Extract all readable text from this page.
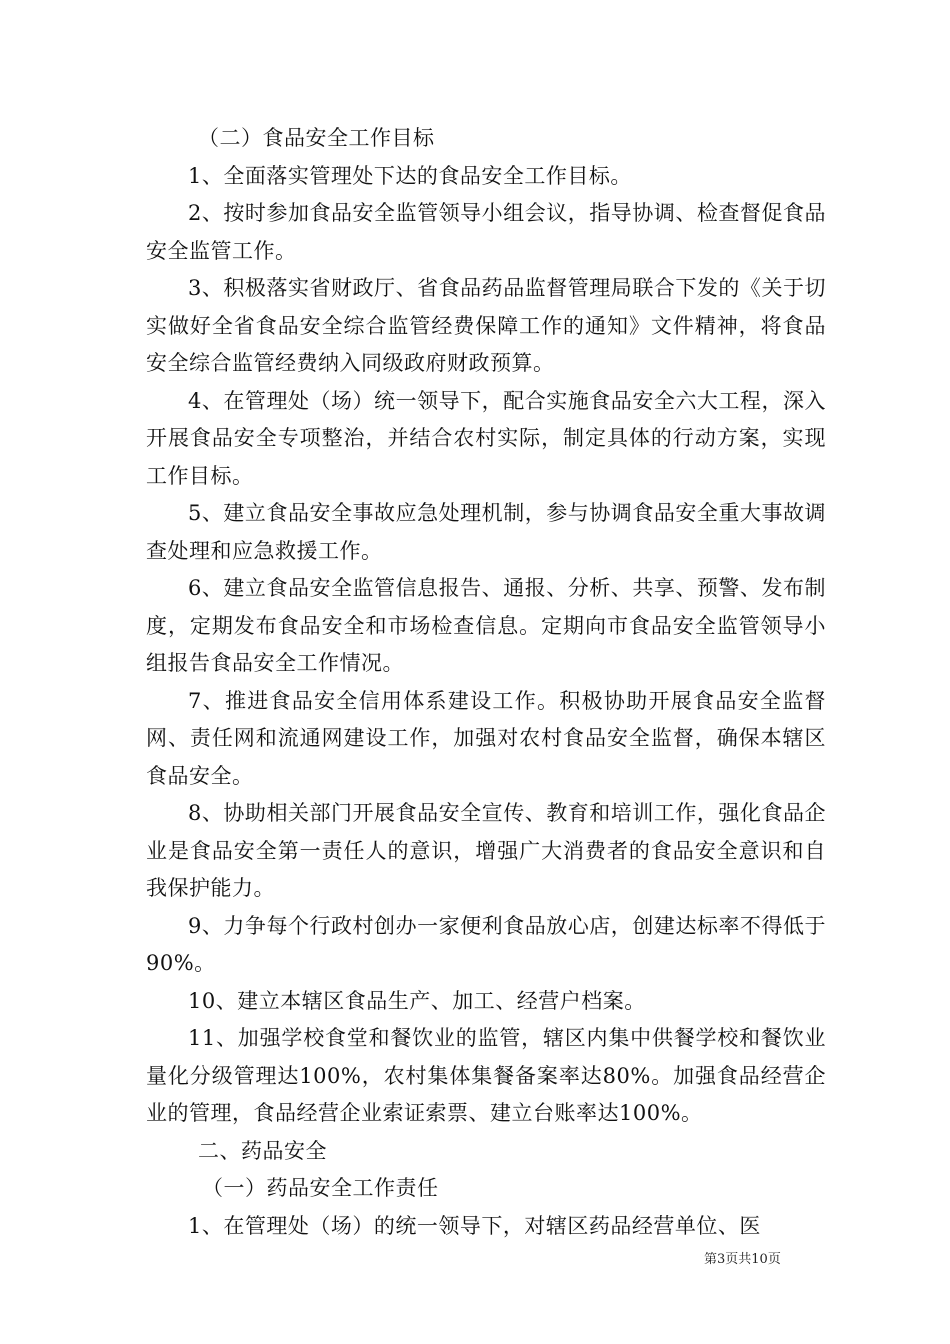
（二）食品安全工作目标

1、全面落实管理处下达的食品安全工作目标。

2、按时参加食品安全监管领导小组会议，指导协调、检查督促食品安全监管工作。

3、积极落实省财政厅、省食品药品监督管理局联合下发的《关于切实做好全省食品安全综合监管经费保障工作的通知》文件精神，将食品安全综合监管经费纳入同级政府财政预算。

4、在管理处（场）统一领导下，配合实施食品安全六大工程，深入开展食品安全专项整治，并结合农村实际，制定具体的行动方案，实现工作目标。

5、建立食品安全事故应急处理机制，参与协调食品安全重大事故调查处理和应急救援工作。

6、建立食品安全监管信息报告、通报、分析、共享、预警、发布制度，定期发布食品安全和市场检查信息。定期向市食品安全监管领导小组报告食品安全工作情况。

7、推进食品安全信用体系建设工作。积极协助开展食品安全监督网、责任网和流通网建设工作，加强对农村食品安全监督，确保本辖区食品安全。

8、协助相关部门开展食品安全宣传、教育和培训工作，强化食品企业是食品安全第一责任人的意识，增强广大消费者的食品安全意识和自我保护能力。

9、力争每个行政村创办一家便利食品放心店，创建达标率不得低于90%。

10、建立本辖区食品生产、加工、经营户档案。

11、加强学校食堂和餐饮业的监管，辖区内集中供餐学校和餐饮业量化分级管理达100%，农村集体集餐备案率达80%。加强食品经营企业的管理，食品经营企业索证索票、建立台账率达100%。

二、药品安全

（一）药品安全工作责任

1、在管理处（场）的统一领导下，对辖区药品经营单位、医

第3页共10页
